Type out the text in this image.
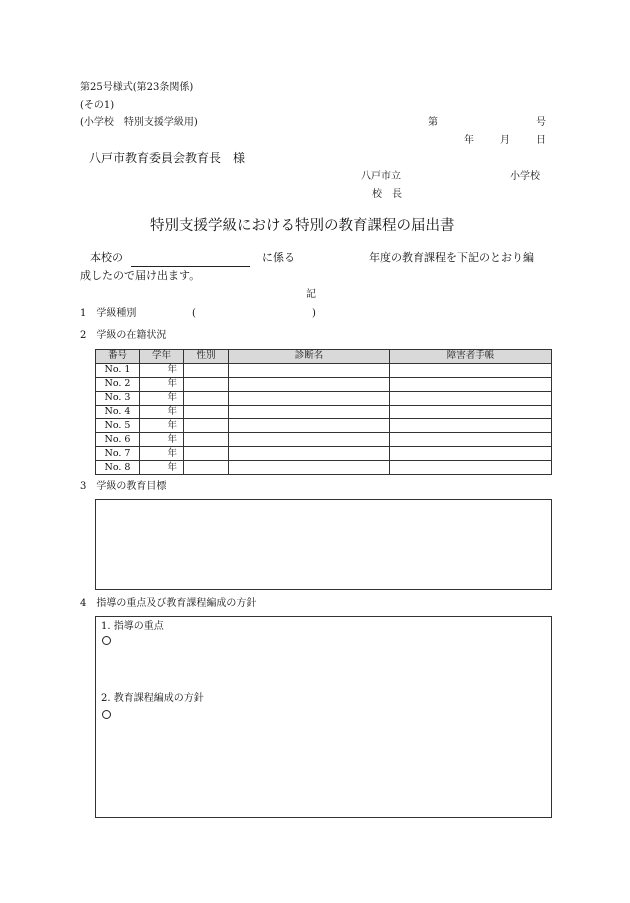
第25号様式(第23条関係)
(その1)
(小学校　特別支援学級用)	第	号
年	月	日
八戸市教育委員会教育長　様
八戸市立	小学校
校　長
特別支援学級における特別の教育課程の届出書
本校の	に係る	年度の教育課程を下記のとおり編
成したので届け出ます。
記
1　学級種別	(	)
2　学級の在籍状況
番号	学年	性別	診断名	障害者手帳
No. 1	年			
No. 2	年			
No. 3	年			
No. 4	年			
No. 5	年			
No. 6	年			
No. 7	年			
No. 8	年			
3　学級の教育目標
4　指導の重点及び教育課程編成の方針
1. 指導の重点
2. 教育課程編成の方針
